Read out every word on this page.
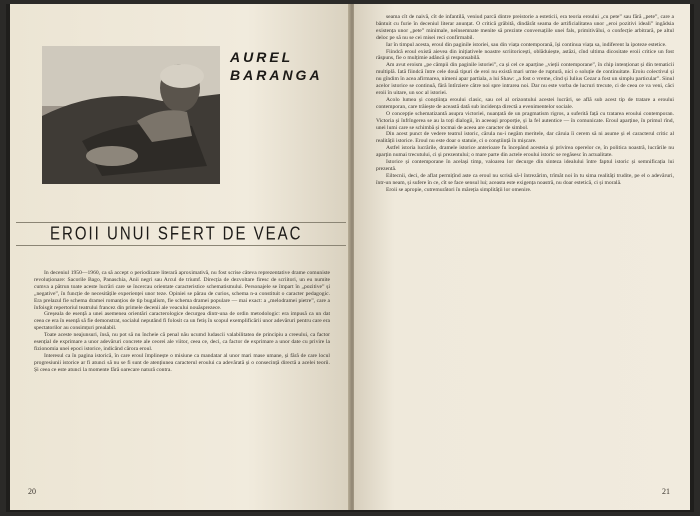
AUREL
BARANGA
EROII UNUI SFERT DE VEAC

In deceniul 1950—1960, ca să accept o periodizare literară aproximativă, nu fost scrise câteva reprezentative drame comuniste revoluționare: Sacorile Bago, Panaschia, Anii negri sau Arcul de triumf. Direcția de dezvoltare firesc de scriitori, un eu numite cumva a pătrun toate aceste lucrări care se încercau orientate caracteristice schematismului. Personajele se împart în „pozitive” și „negative”, în funcție de necesitățile experienței unor teze. Opiniei se pârau de curios, schema n-a constituit o caracter pedagogic. Era prelazul fie schema dramei romanțios de tip bugalism, fie schema dramei populare — mai exact: a „melodramei pietre”, care a înfoisgit repertoriul teatrului francez din primele decenii ale veacului nouăsprezece.

Greșeala de esență a unei asemenea orientări caracterologice decurgea dintr-una de ordin metodologic: era impusă ca un dat ceea ce era în esență să fie demonstrat, socialul neputând fi folosit ca un fetiș în scopul exemplificării unor adevăruri pentru care era spectatorilor au consimțuri prealabil.

Toate aceste neajunsuri, însă, nu pot să nu încheie că penal nău ucumd ludascii valabilitatea de principiu a creeului, ca factor esențial de exprimare a unor adevăruri concrete ale ceorei ale viitor, ceea ce, deci, ca factor de exprimare a unor date cu privire la fizionomia unei epoci istorice, indicând cărora eroul.

Interesul ca în pagina istorică, în care eroul împlinește o misiune ca mandatar al unor mari mase umane, și fără de care locul progresiunii istorice ar fi atunci să nu se fi sunt de atențiunea caracterul eroului ca adevărată și o consecință directă a acelei teorii. Și ceea ce este atunci la momente fără oarecare natură contra.

20

seama cît de naivă, cît de infantilă, veniud parcă dintre preistorie a esteticii, era teoria eroului „cu pete” sau fără „pete”, care a bântuit cu furie în deceniul literar anunțat. O critică grăbită, dindărăt seama de artificialitatea unor „eroi pozitivi ideali” ingădsia existența unor „pete” minimale, neînsemnate menite să prezinte conversațiile unei fals, primitivălui, o confecție arbitrară, pe altul deloc pe să nu se cei misei reci confirmabil.

Iar în timpul acesta, eroul din paginile istoriei, sau din viața contemporană, își continua viața sa, indiferent la ipoteze estetice.

Fiindcă eroul există aievea din inițiativele noastre scriitoricești, oblăduiește, astăzi, cînd ultima dicositate eroii critice un fost răspuns, fie o mulțimie adâncă și responsabilă.

Am avut eroism „pe câmpii din paginile istoriei”, ca și cel ce aparține „vieții contemporane”, în chip intenționat și din tematicii multiplă. Iată fiindcă între cele două tipuri de eroi nu există mari urme de ruptură, nici o soluție de continuitate. Eroiu colectivul și nu gîndim în acea afirmarea, nimeni apar partiala, a lui Shaw: „a fost o vreme, cînd și Iulius Cezar a fost un simplu particular”. Sinul acelor istorice se continuă, fără întîrziere către noi spre intrarea noi. Dar nu este vorba de lucruri trecute, ci de ceea ce va veni, căci eroii în uitare, un soc al istoriei.

Acolo lumea și conștiința eroului clasic, sau cel al orizontului acestei lucrări, se află sub acest tip de tratare a eroului contemporan, care trăiește de această dată sub incidența directă a evenimentelor sociale.

O concepție schematizantă asupra victoriei, nuanțată de un pragmatism rigros, a suferită față cu tratarea eroului contemporan. Victoria și înfrîngerea se au la toți dialogii, în aceeași proporție, și la fel autentice — în comunicate. Eroul aparține, în primul rînd, unei lumi care se schimbă și tocmai de aceea are caracter de simbol.

Din acest punct de vedere teatrul istoric, cărula nu-i negăm meritele, dar căruia îi cerem să ni asume și el caracterul critic al realității istorice. Eroul nu este doar o statuie, ci o conștiință în mișcare.

Astfel istoria lucrările, dramele istorice anterioare fu începând acesteia și privirea operelor ce, în politica noastră, lucrările nu aparțin numai trecutului, ci și prezentului; o mare parte din actele eroului istoric se regăsesc în actualitate.

Istorice și contemporane în același timp, valoarea lor decurge din sinteza idealului între faptul istoric și semnificația lui prezentă.

Eiltecnii, deci, de aflat permițînd aste ca eroul nu scrisă să-l întrezărim, trîmăt noi în tu sima realități trudite, pe el o adevăruri, într-un neam, și sufere în ce, cît se face sensul lui; aceasta este exigența noastră, nu doar estetică, ci și morală.

Eroii se apropie, cutremurători în măreția simplității lor omenire.

21
